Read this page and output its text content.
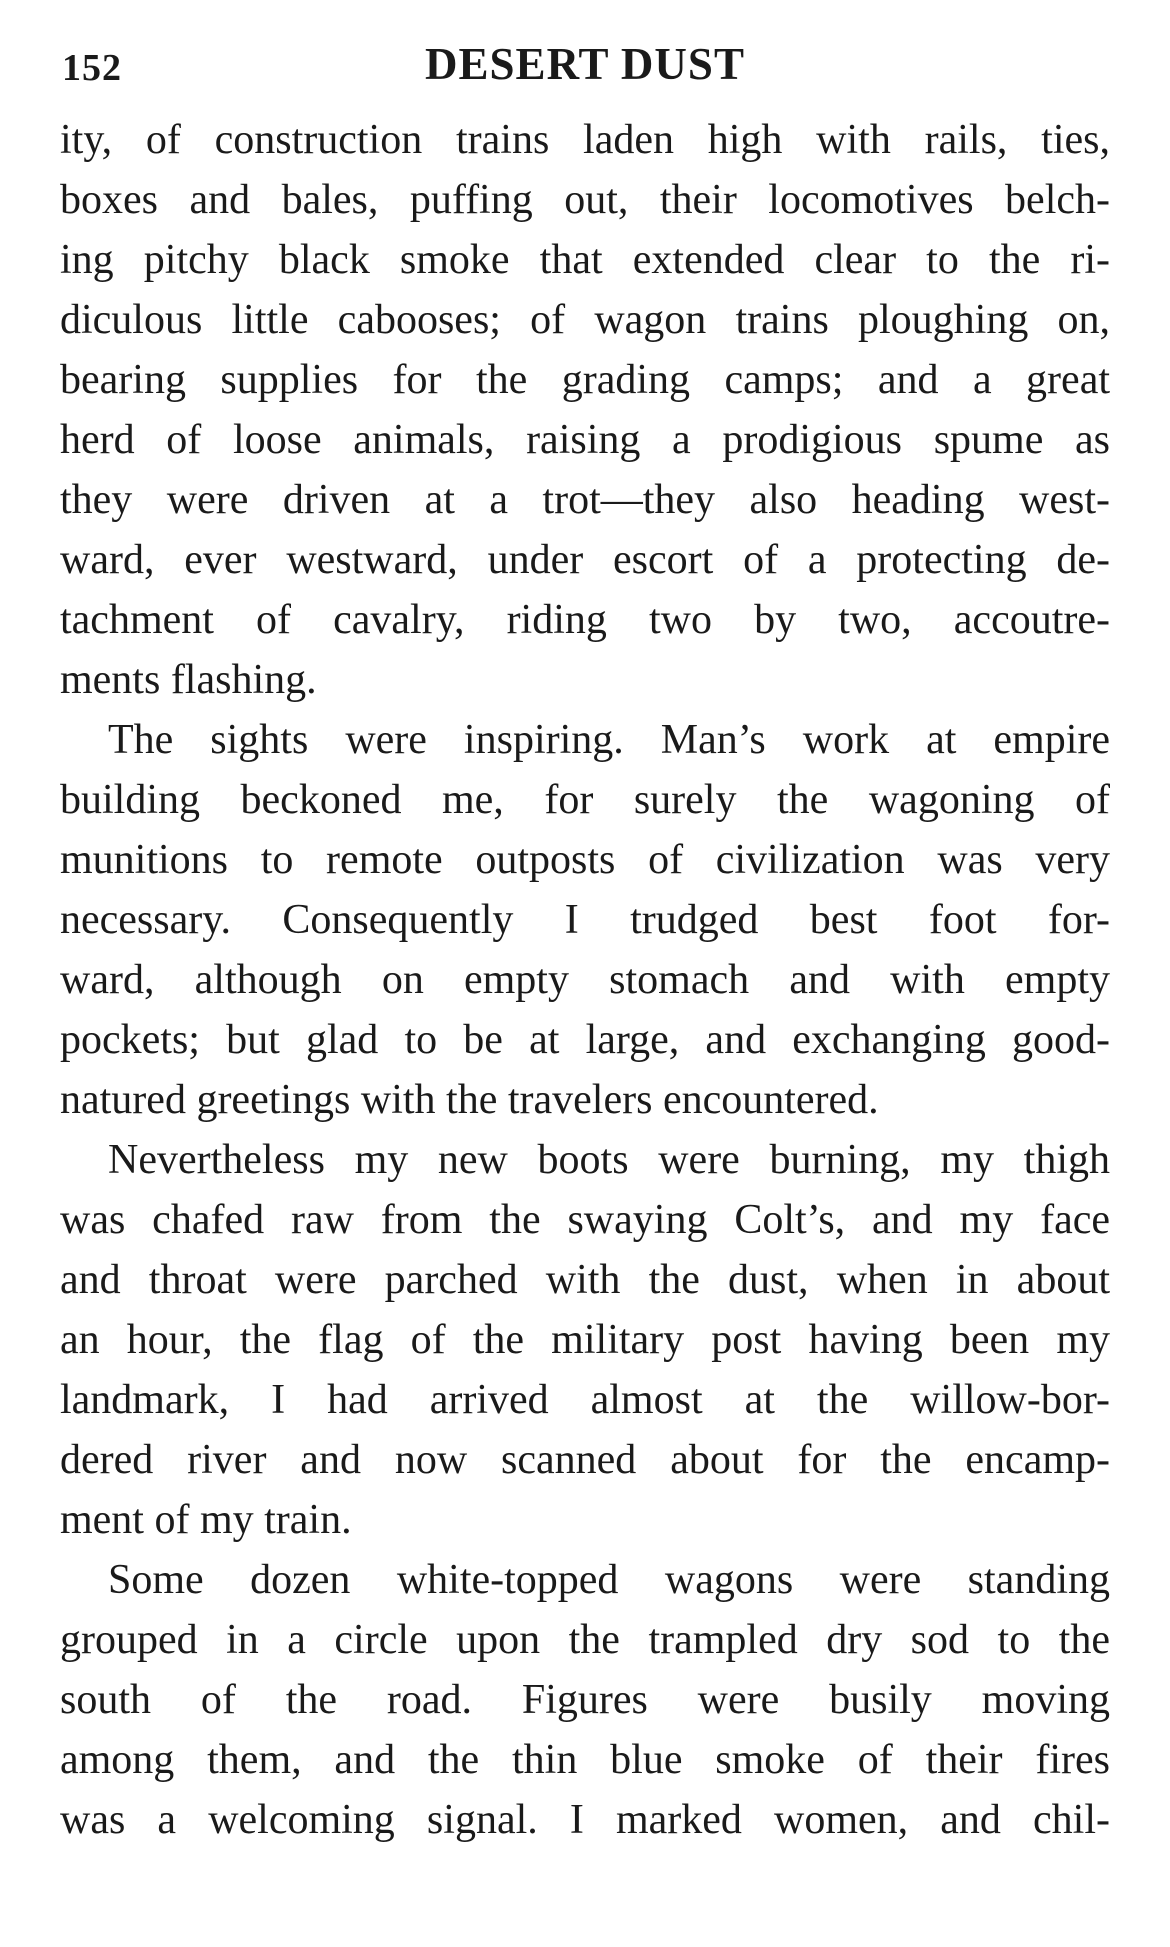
152	DESERT DUST
ity, of construction trains laden high with rails, ties,
boxes and bales, puffing out, their locomotives belch-
ing pitchy black smoke that extended clear to the ri-
diculous little cabooses; of wagon trains ploughing on,
bearing supplies for the grading camps; and a great
herd of loose animals, raising a prodigious spume as
they were driven at a trot—they also heading west-
ward, ever westward, under escort of a protecting de-
tachment of cavalry, riding two by two, accoutre-
ments flashing.
The sights were inspiring. Man’s work at empire
building beckoned me, for surely the wagoning of
munitions to remote outposts of civilization was very
necessary. Consequently I trudged best foot for-
ward, although on empty stomach and with empty
pockets; but glad to be at large, and exchanging good-
natured greetings with the travelers encountered.
Nevertheless my new boots were burning, my thigh
was chafed raw from the swaying Colt’s, and my face
and throat were parched with the dust, when in about
an hour, the flag of the military post having been my
landmark, I had arrived almost at the willow-bor-
dered river and now scanned about for the encamp-
ment of my train.
Some dozen white-topped wagons were standing
grouped in a circle upon the trampled dry sod to the
south of the road. Figures were busily moving
among them, and the thin blue smoke of their fires
was a welcoming signal. I marked women, and chil-
